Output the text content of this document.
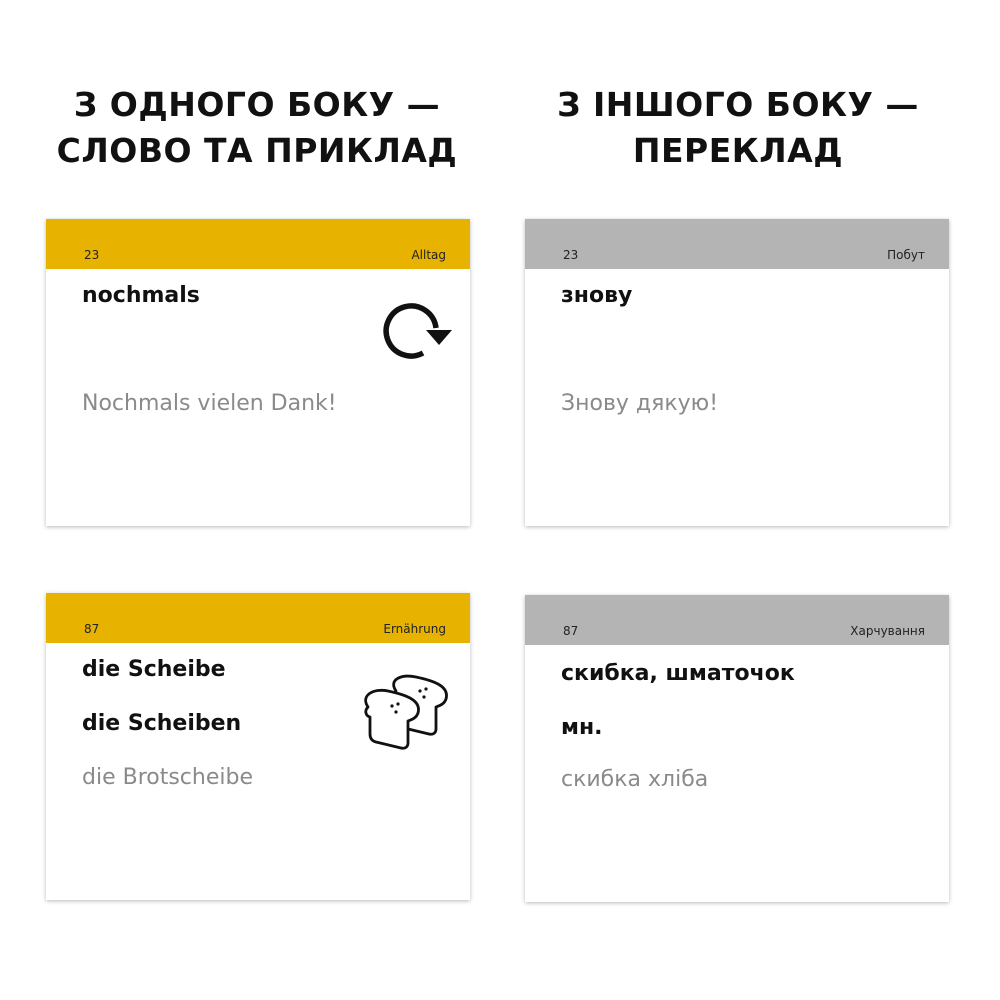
З ОДНОГО БОКУ —
СЛОВО ТА ПРИКЛАД
З ІНШОГО БОКУ —
ПЕРЕКЛАД
23	Alltag
nochmals
Nochmals vielen Dank!
23	Побут
знову
Знову дякую!
87	Ernährung
die Scheibe
die Scheiben
die Brotscheibe
87	Харчування
скибка, шматочок
мн.
скибка хліба
